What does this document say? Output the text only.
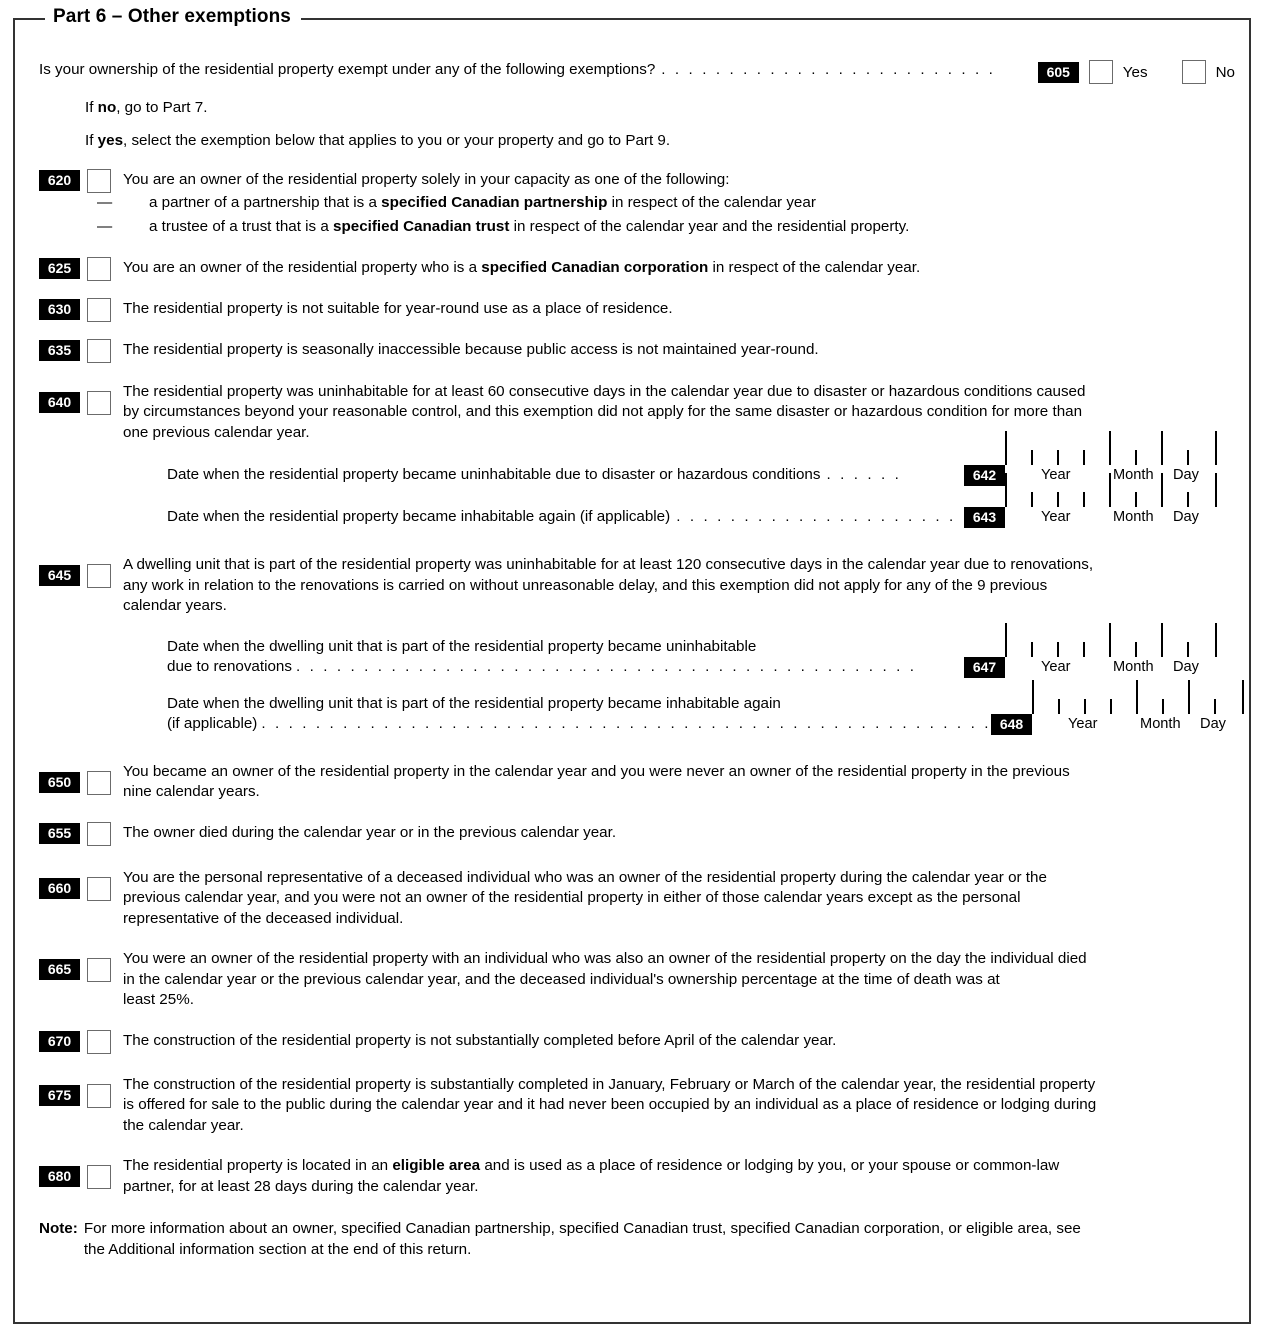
Part 6 – Other exemptions
Is your ownership of the residential property exempt under any of the following exemptions? . . . . . . . . . . . . . . . . . . . . . . . . .	605	Yes	No
If no, go to Part 7.
If yes, select the exemption below that applies to you or your property and go to Part 9.
620	You are an owner of the residential property solely in your capacity as one of the following:
— a partner of a partnership that is a specified Canadian partnership in respect of the calendar year
— a trustee of a trust that is a specified Canadian trust in respect of the calendar year and the residential property.
625	You are an owner of the residential property who is a specified Canadian corporation in respect of the calendar year.
630	The residential property is not suitable for year-round use as a place of residence.
635	The residential property is seasonally inaccessible because public access is not maintained year-round.
640
The residential property was uninhabitable for at least 60 consecutive days in the calendar year due to disaster or hazardous conditions caused
by circumstances beyond your reasonable control, and this exemption did not apply for the same disaster or hazardous condition for more than
one previous calendar year.
Date when the residential property became uninhabitable due to disaster or hazardous conditions . . . . . .	642	Year	Month Day
Date when the residential property became inhabitable again (if applicable) . . . . . . . . . . . . . . . . . . . . .	643	Year	Month Day
645
A dwelling unit that is part of the residential property was uninhabitable for at least 120 consecutive days in the calendar year due to renovations,
any work in relation to the renovations is carried on without unreasonable delay, and this exemption did not apply for any of the 9 previous
calendar years.
Date when the dwelling unit that is part of the residential property became uninhabitable
due to renovations . . . . . . . . . . . . . . . . . . . . . . . . . . . . . . . . . . . . . . . . . . . . . .	647	Year	Month Day
Date when the dwelling unit that is part of the residential property became inhabitable again
(if applicable) . . . . . . . . . . . . . . . . . . . . . . . . . . . . . . . . . . . . . . . . . . . . . . . . . . . . . . 648	Year	Month Day
650
You became an owner of the residential property in the calendar year and you were never an owner of the residential property in the previous
nine calendar years.
655	The owner died during the calendar year or in the previous calendar year.
660
You are the personal representative of a deceased individual who was an owner of the residential property during the calendar year or the
previous calendar year, and you were not an owner of the residential property in either of those calendar years except as the personal
representative of the deceased individual.
665
You were an owner of the residential property with an individual who was also an owner of the residential property on the day the individual died
in the calendar year or the previous calendar year, and the deceased individual's ownership percentage at the time of death was at
least 25%.
670	The construction of the residential property is not substantially completed before April of the calendar year.
675
The construction of the residential property is substantially completed in January, February or March of the calendar year, the residential property
is offered for sale to the public during the calendar year and it had never been occupied by an individual as a place of residence or lodging during
the calendar year.
680
The residential property is located in an eligible area and is used as a place of residence or lodging by you, or your spouse or common-law
partner, for at least 28 days during the calendar year.
Note: For more information about an owner, specified Canadian partnership, specified Canadian trust, specified Canadian corporation, or eligible area, see
the Additional information section at the end of this return.
